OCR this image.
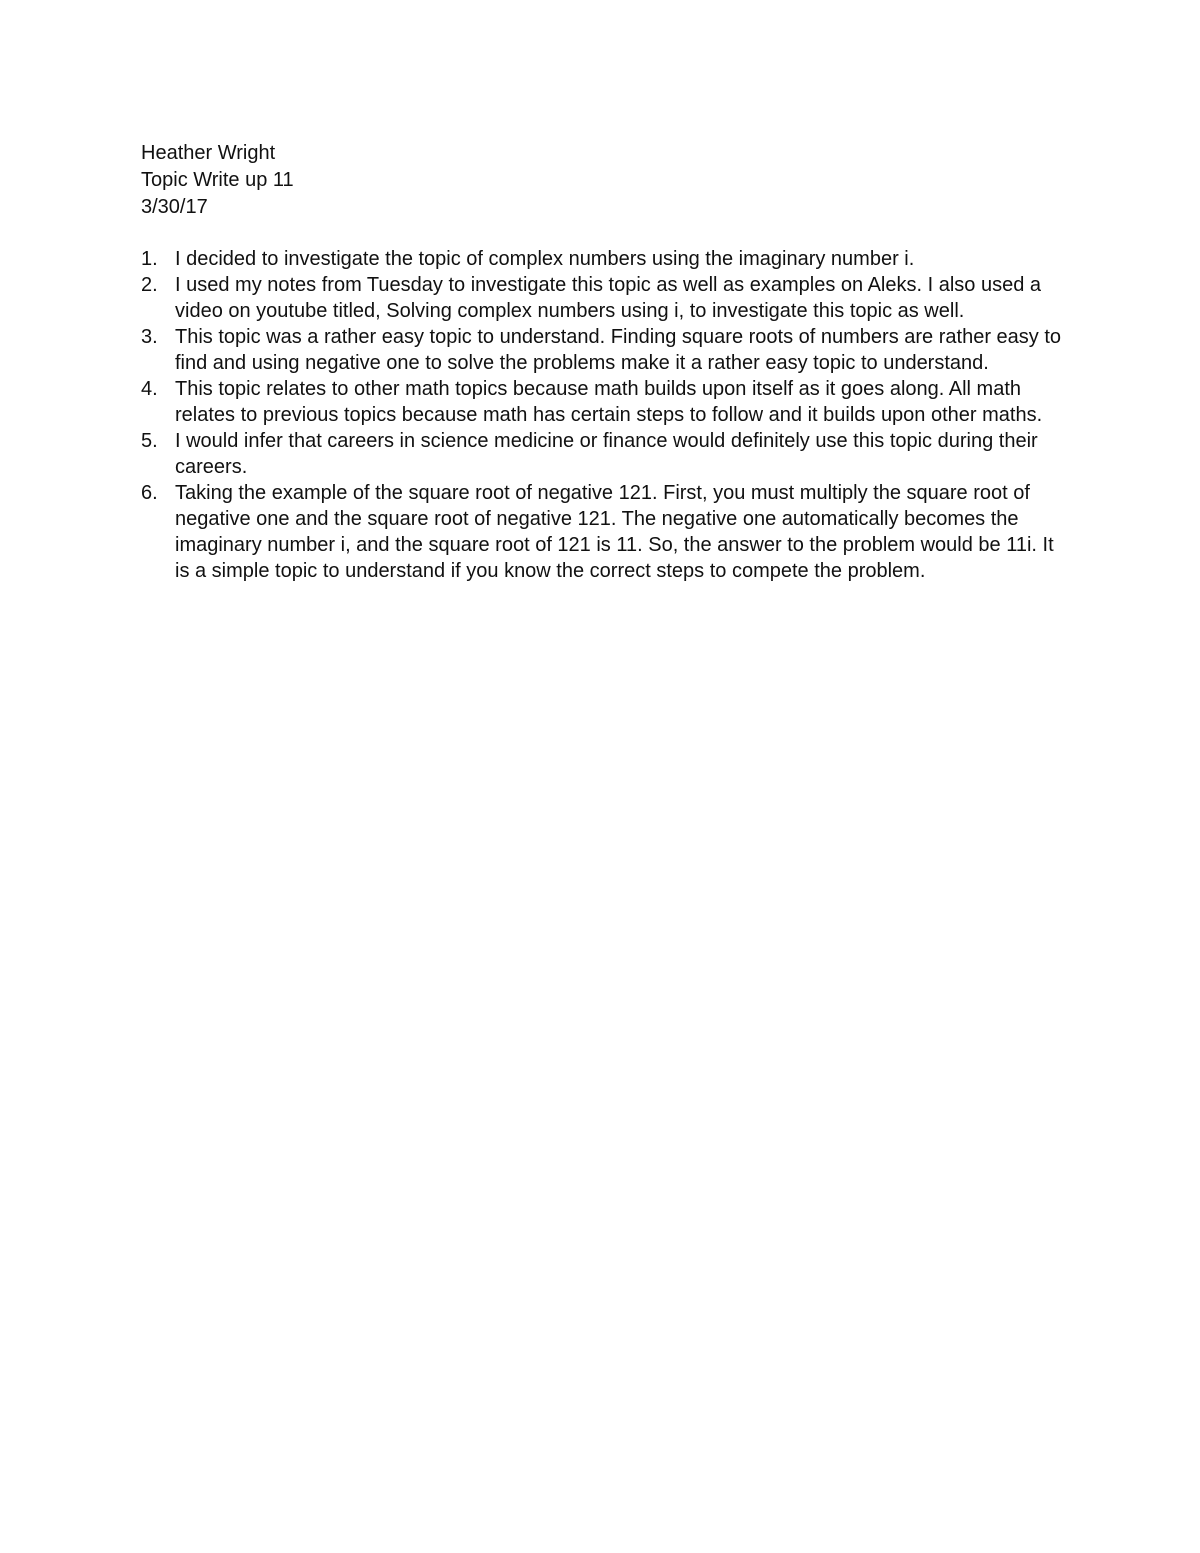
Heather Wright
Topic Write up 11
3/30/17
1. I decided to investigate the topic of complex numbers using the imaginary number i.
2. I used my notes from Tuesday to investigate this topic as well as examples on Aleks. I also used a video on youtube titled, Solving complex numbers using i, to investigate this topic as well.
3. This topic was a rather easy topic to understand. Finding square roots of numbers are rather easy to find and using negative one to solve the problems make it a rather easy topic to understand.
4. This topic relates to other math topics because math builds upon itself as it goes along. All math relates to previous topics because math has certain steps to follow and it builds upon other maths.
5. I would infer that careers in science medicine or finance would definitely use this topic during their careers.
6. Taking the example of the square root of negative 121. First, you must multiply the square root of negative one and the square root of negative 121. The negative one automatically becomes the imaginary number i, and the square root of 121 is 11. So, the answer to the problem would be 11i. It is a simple topic to understand if you know the correct steps to compete the problem.
